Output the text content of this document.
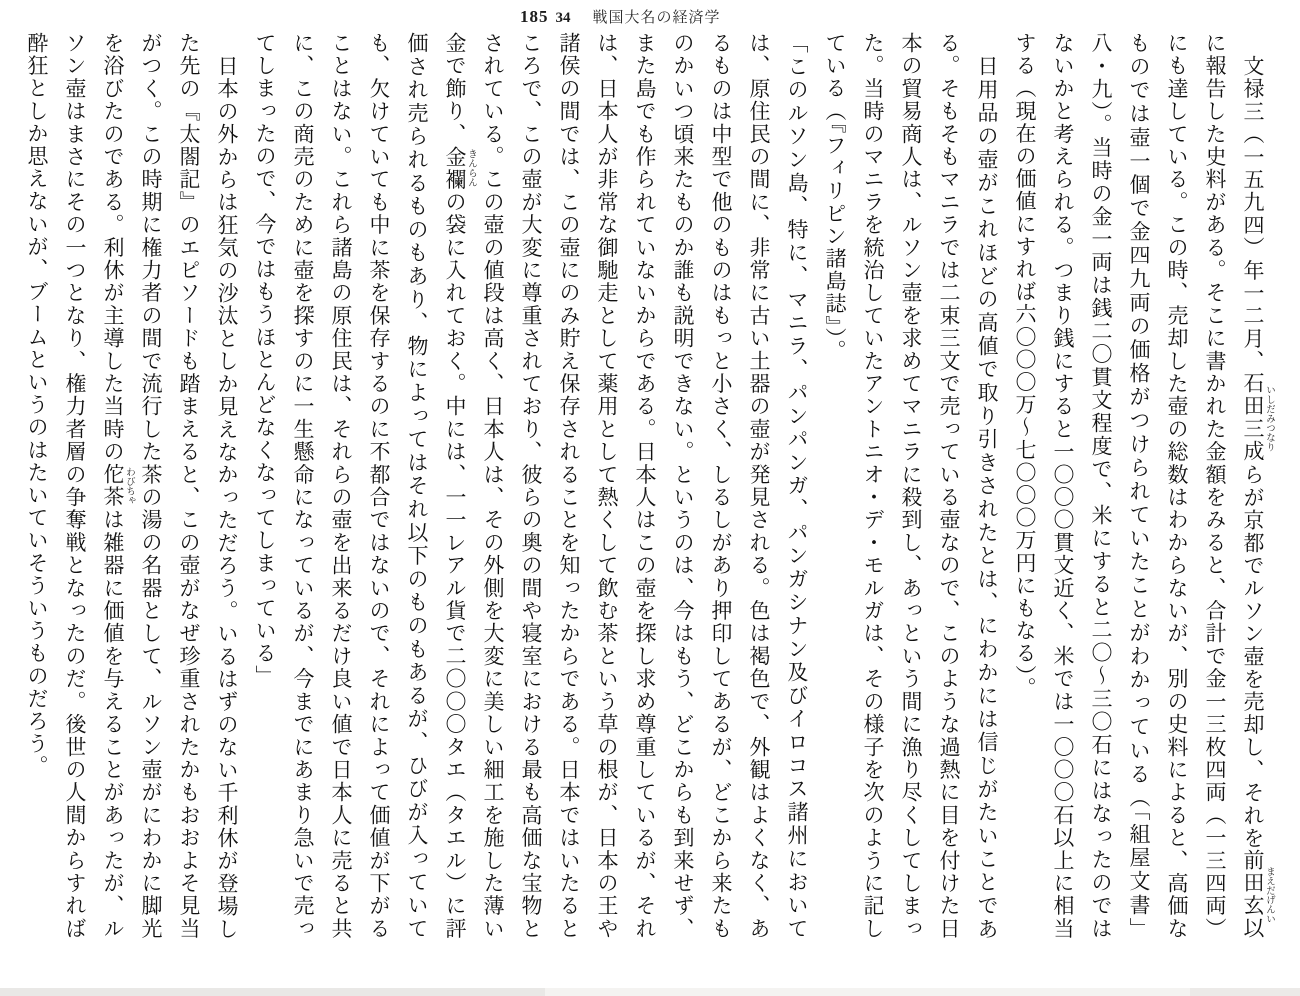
185 34 戦国大名の経済学

文禄三（一五九四）年一二月、石田三成 いしだみつなりらが京都でルソン壺を売却し、それを前田玄以 まえだげんいに報告した史料がある。そこに書かれた金額をみると、合計で金一三枚四両（一三四両）にも達している。この時、売却した壺の総数はわからないが、別の史料によると、高価なものでは壺一個で金四九両の価格がつけられていたことがわかっている（「組屋文書」八・九）。当時の金一両は銭二〇貫文程度で、米にすると二〇～三〇石にはなったのではないかと考えられる。つまり銭にすると一〇〇〇貫文近く、米では一〇〇〇石以上に相当する（現在の価値にすれば六〇〇〇万～七〇〇〇万円にもなる）。

日用品の壺がこれほどの高値で取り引きされたとは、にわかには信じがたいことである。そもそもマニラでは二束三文で売っている壺なので、このような過熱に目を付けた日本の貿易商人は、ルソン壺を求めてマニラに殺到し、あっという間に漁り尽くしてしまった。当時のマニラを統治していたアントニオ・デ・モルガは、その様子を次のように記している（『フィリピン諸島誌』）。

「このルソン島、特に、マニラ、パンパンガ、パンガシナン及びイロコス諸州においては、原住民の間に、非常に古い土器の壺が発見される。色は褐色で、外観はよくなく、あるものは中型で他のものはもっと小さく、しるしがあり押印してあるが、どこから来たものかいつ頃来たものか誰も説明できない。というのは、今はもう、どこからも到来せず、また島でも作られていないからである。日本人はこの壺を探し求め尊重しているが、それは、日本人が非常な御馳走として薬用として熱くして飲む茶という草の根が、日本の王や諸侯の間では、この壺にのみ貯え保存されることを知ったからである。日本ではいたるところで、この壺が大変に尊重されており、彼らの奥の間や寝室における最も高価な宝物とされている。この壺の値段は高く、日本人は、その外側を大変に美しい細工を施した薄い金で飾り、金襴 きんらんの袋に入れておく。中には、一一レアル貨で二〇〇〇タエ（タエル）に評価され売られるものもあり、物によってはそれ以下のものもあるが、ひびが入っていても、欠けていても中に茶を保存するのに不都合ではないので、それによって価値が下がることはない。これら諸島の原住民は、それらの壺を出来るだけ良い値で日本人に売ると共に、この商売のために壺を探すのに一生懸命になっているが、今までにあまり急いで売ってしまったので、今ではもうほとんどなくなってしまっている」

日本の外からは狂気の沙汰としか見えなかっただろう。いるはずのない千利休が登場した先の『太閤記』のエピソードも踏まえると、この壺がなぜ珍重されたかもおおよそ見当がつく。この時期に権力者の間で流行した茶の湯の名器として、ルソン壺がにわかに脚光を浴びたのである。利休が主導した当時の佗茶 わびちゃは雑器に価値を与えることがあったが、ルソン壺はまさにその一つとなり、権力者層の争奪戦となったのだ。後世の人間からすれば酔狂としか思えないが、ブームというのはたいていそういうものだろう。
